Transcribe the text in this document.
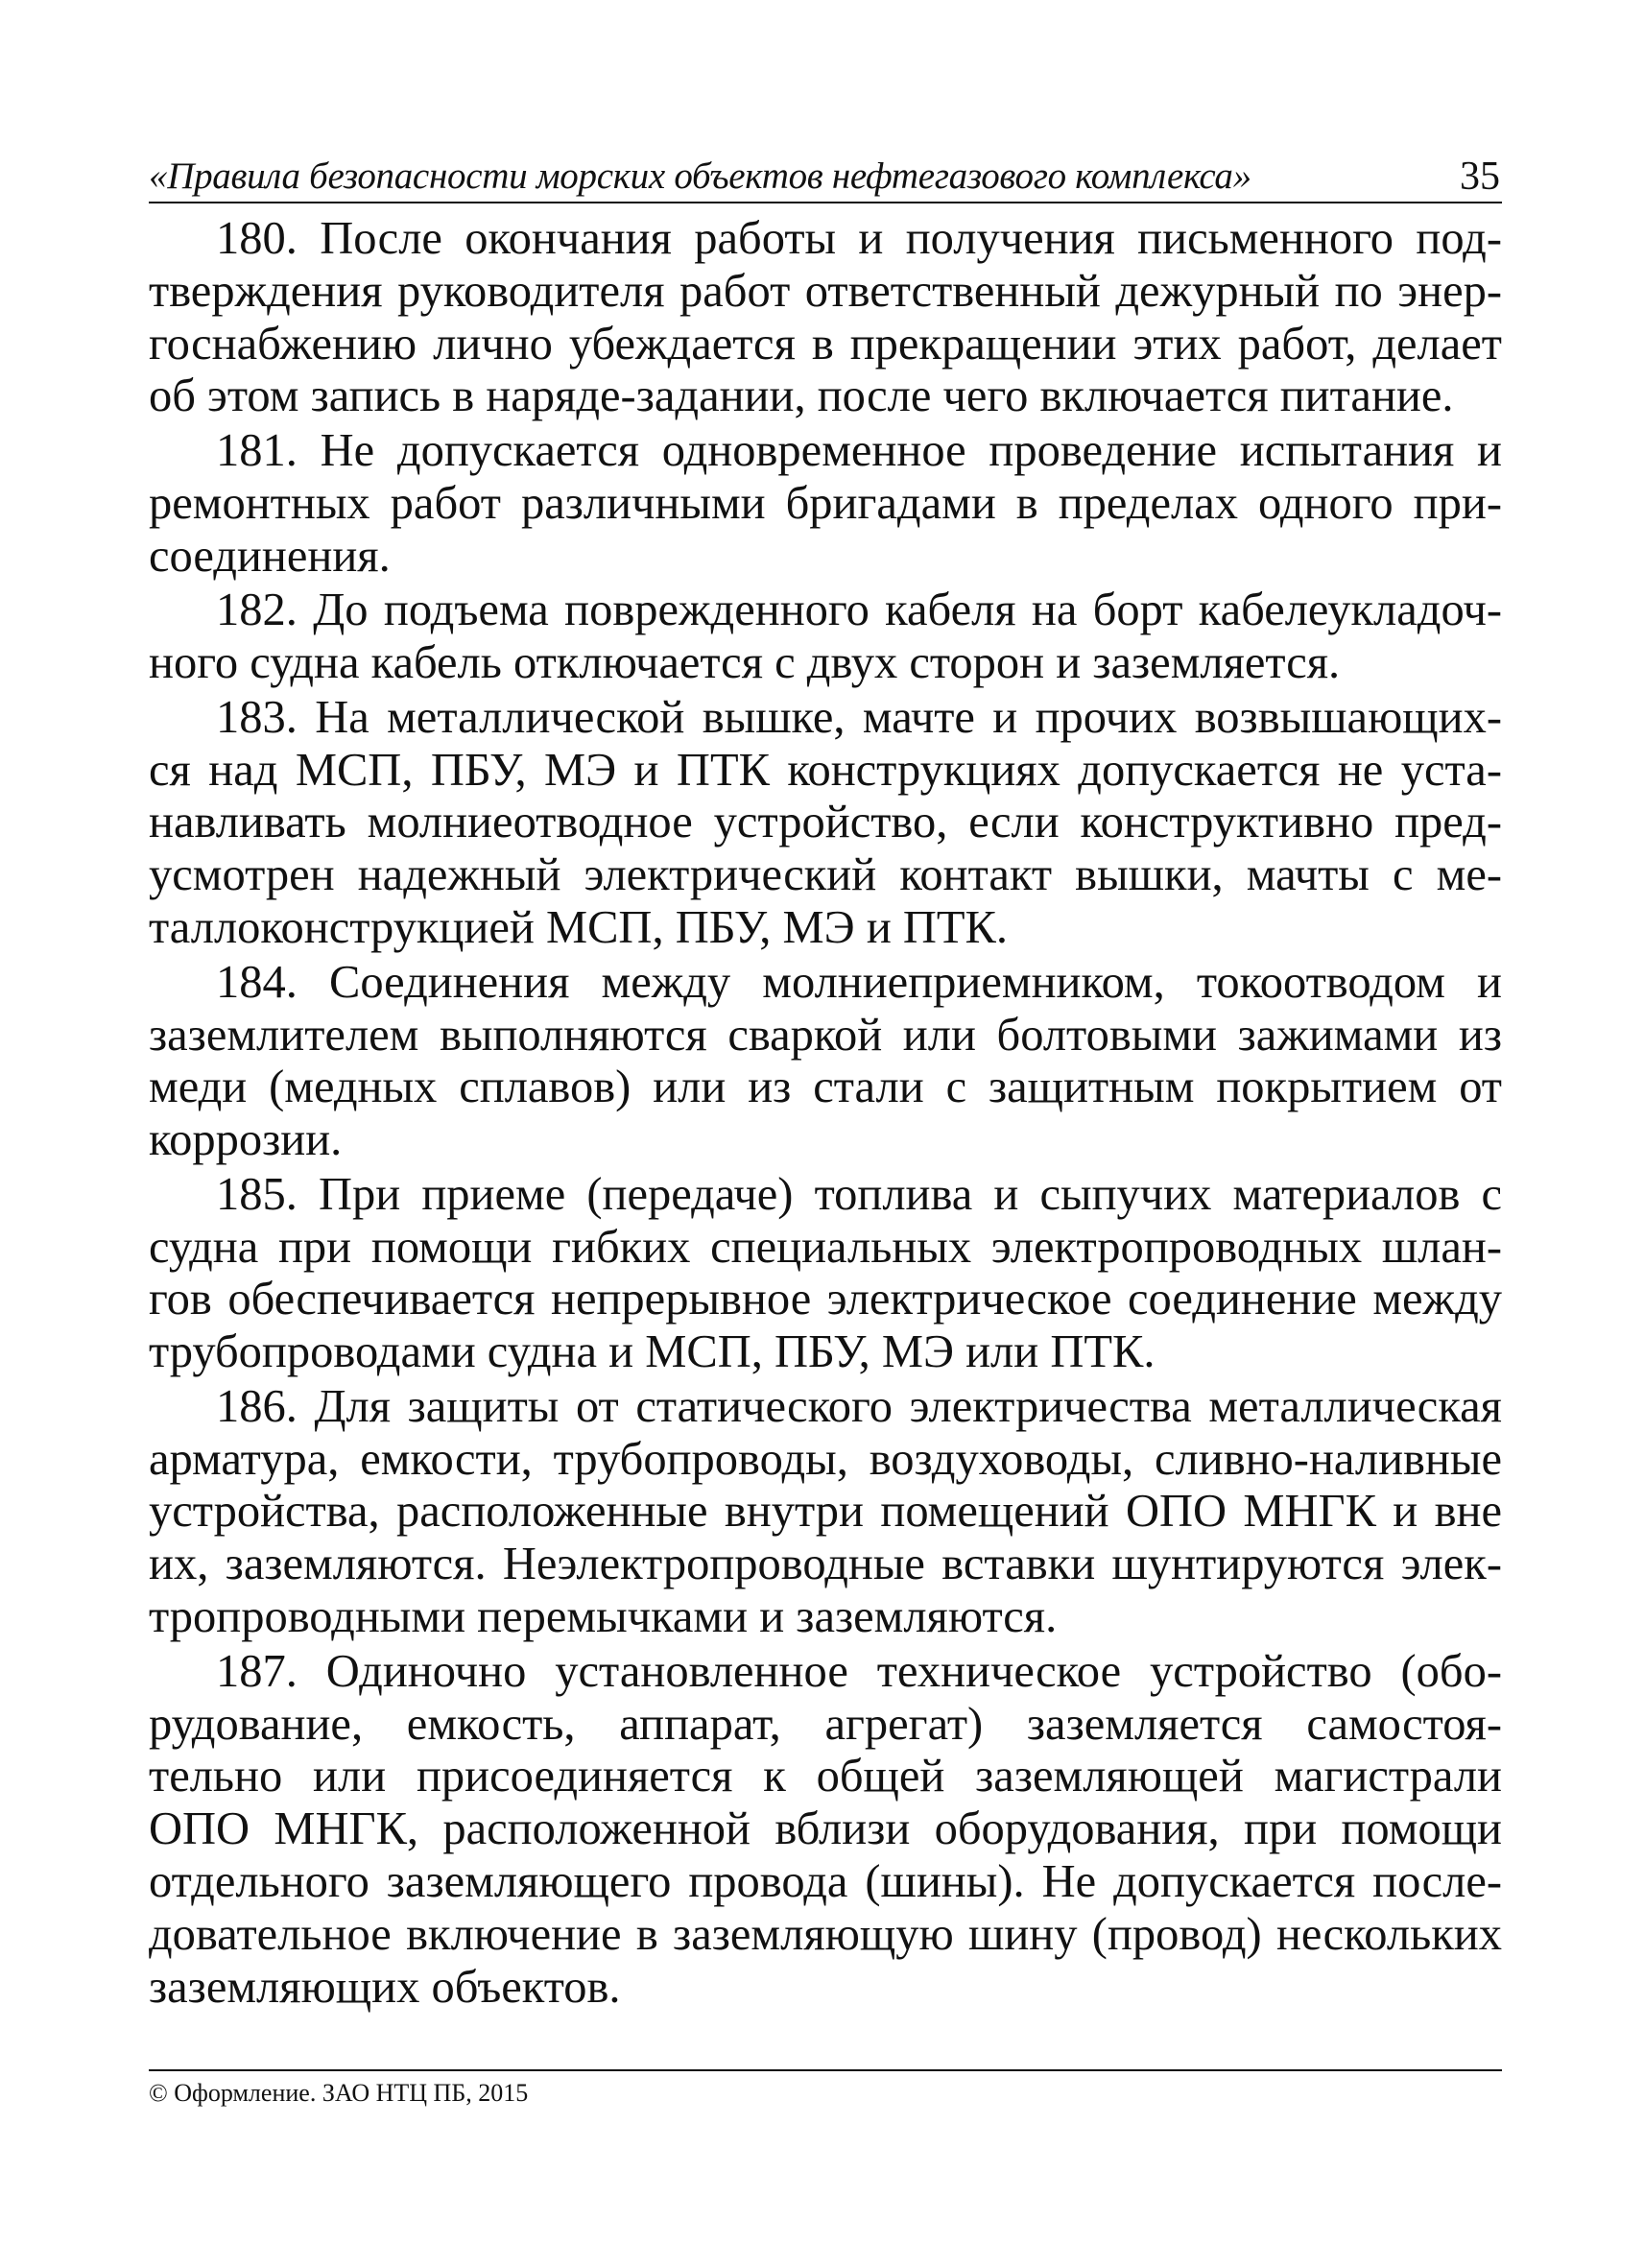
«Правила безопасности морских объектов нефтегазового комплекса»	35
180. После окончания работы и получения письменного под-
тверждения руководителя работ ответственный дежурный по энер-
госнабжению лично убеждается в прекращении этих работ, делает
об этом запись в наряде-задании, после чего включается питание.
181. Не допускается одновременное проведение испытания и
ремонтных работ различными бригадами в пределах одного при-
соединения.
182. До подъема поврежденного кабеля на борт кабелеукладоч-
ного судна кабель отключается с двух сторон и заземляется.
183. На металлической вышке, мачте и прочих возвышающих-
ся над МСП, ПБУ, МЭ и ПТК конструкциях допускается не уста-
навливать молниеотводное устройство, если конструктивно пред-
усмотрен надежный электрический контакт вышки, мачты с ме-
таллоконструкцией МСП, ПБУ, МЭ и ПТК.
184. Соединения между молниеприемником, токоотводом и
заземлителем выполняются сваркой или болтовыми зажимами из
меди (медных сплавов) или из стали с защитным покрытием от
коррозии.
185. При приеме (передаче) топлива и сыпучих материалов с
судна при помощи гибких специальных электропроводных шлан-
гов обеспечивается непрерывное электрическое соединение между
трубопроводами судна и МСП, ПБУ, МЭ или ПТК.
186. Для защиты от статического электричества металлическая
арматура, емкости, трубопроводы, воздуховоды, сливно-наливные
устройства, расположенные внутри помещений ОПО МНГК и вне
их, заземляются. Неэлектропроводные вставки шунтируются элек-
тропроводными перемычками и заземляются.
187. Одиночно установленное техническое устройство (обо-
рудование, емкость, аппарат, агрегат) заземляется самостоя-
тельно или присоединяется к общей заземляющей магистрали
ОПО МНГК, расположенной вблизи оборудования, при помощи
отдельного заземляющего провода (шины). Не допускается после-
довательное включение в заземляющую шину (провод) нескольких
заземляющих объектов.
© Оформление. ЗАО НТЦ ПБ, 2015
